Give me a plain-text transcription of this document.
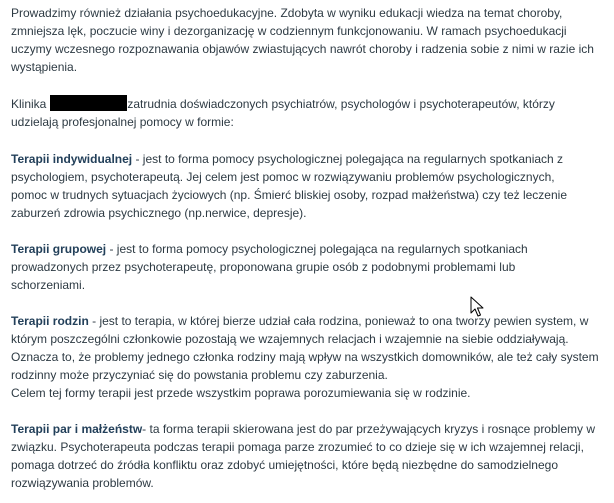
Prowadzimy również działania psychoedukacyjne. Zdobyta w wyniku edukacji wiedza na temat choroby,
zmniejsza lęk, poczucie winy i dezorganizację w codziennym funkcjonowaniu. W ramach psychoedukacji
uczymy wczesnego rozpoznawania objawów zwiastujących nawrót choroby i radzenia sobie z nimi w razie ich
wystąpienia.

Klinika	zatrudnia doświadczonych psychiatrów, psychologów i psychoterapeutów, którzy
udzielają profesjonalnej pomocy w formie:

Terapii indywidualnej - jest to forma pomocy psychologicznej polegająca na regularnych spotkaniach z
psychologiem, psychoterapeutą. Jej celem jest pomoc w rozwiązywaniu problemów psychologicznych,
pomoc w trudnych sytuacjach życiowych (np. Śmierć bliskiej osoby, rozpad małżeństwa) czy też leczenie
zaburzeń zdrowia psychicznego (np.nerwice, depresje).

Terapii grupowej - jest to forma pomocy psychologicznej polegająca na regularnych spotkaniach
prowadzonych przez psychoterapeutę, proponowana grupie osób z podobnymi problemami lub
schorzeniami.

Terapii rodzin - jest to terapia, w której bierze udział cała rodzina, ponieważ to ona tworzy pewien system, w
którym poszczególni członkowie pozostają we wzajemnych relacjach i wzajemnie na siebie oddziaływają.
Oznacza to, że problemy jednego członka rodziny mają wpływ na wszystkich domowników, ale też cały system
rodzinny może przyczyniać się do powstania problemu czy zaburzenia.
Celem tej formy terapii jest przede wszystkim poprawa porozumiewania się w rodzinie.

Terapii par i małżeństw- ta forma terapii skierowana jest do par przeżywających kryzys i rosnące problemy w
związku. Psychoterapeuta podczas terapii pomaga parze zrozumieć to co dzieje się w ich wzajemnej relacji,
pomaga dotrzeć do źródła konfliktu oraz zdobyć umiejętności, które będą niezbędne do samodzielnego
rozwiązywania problemów.
